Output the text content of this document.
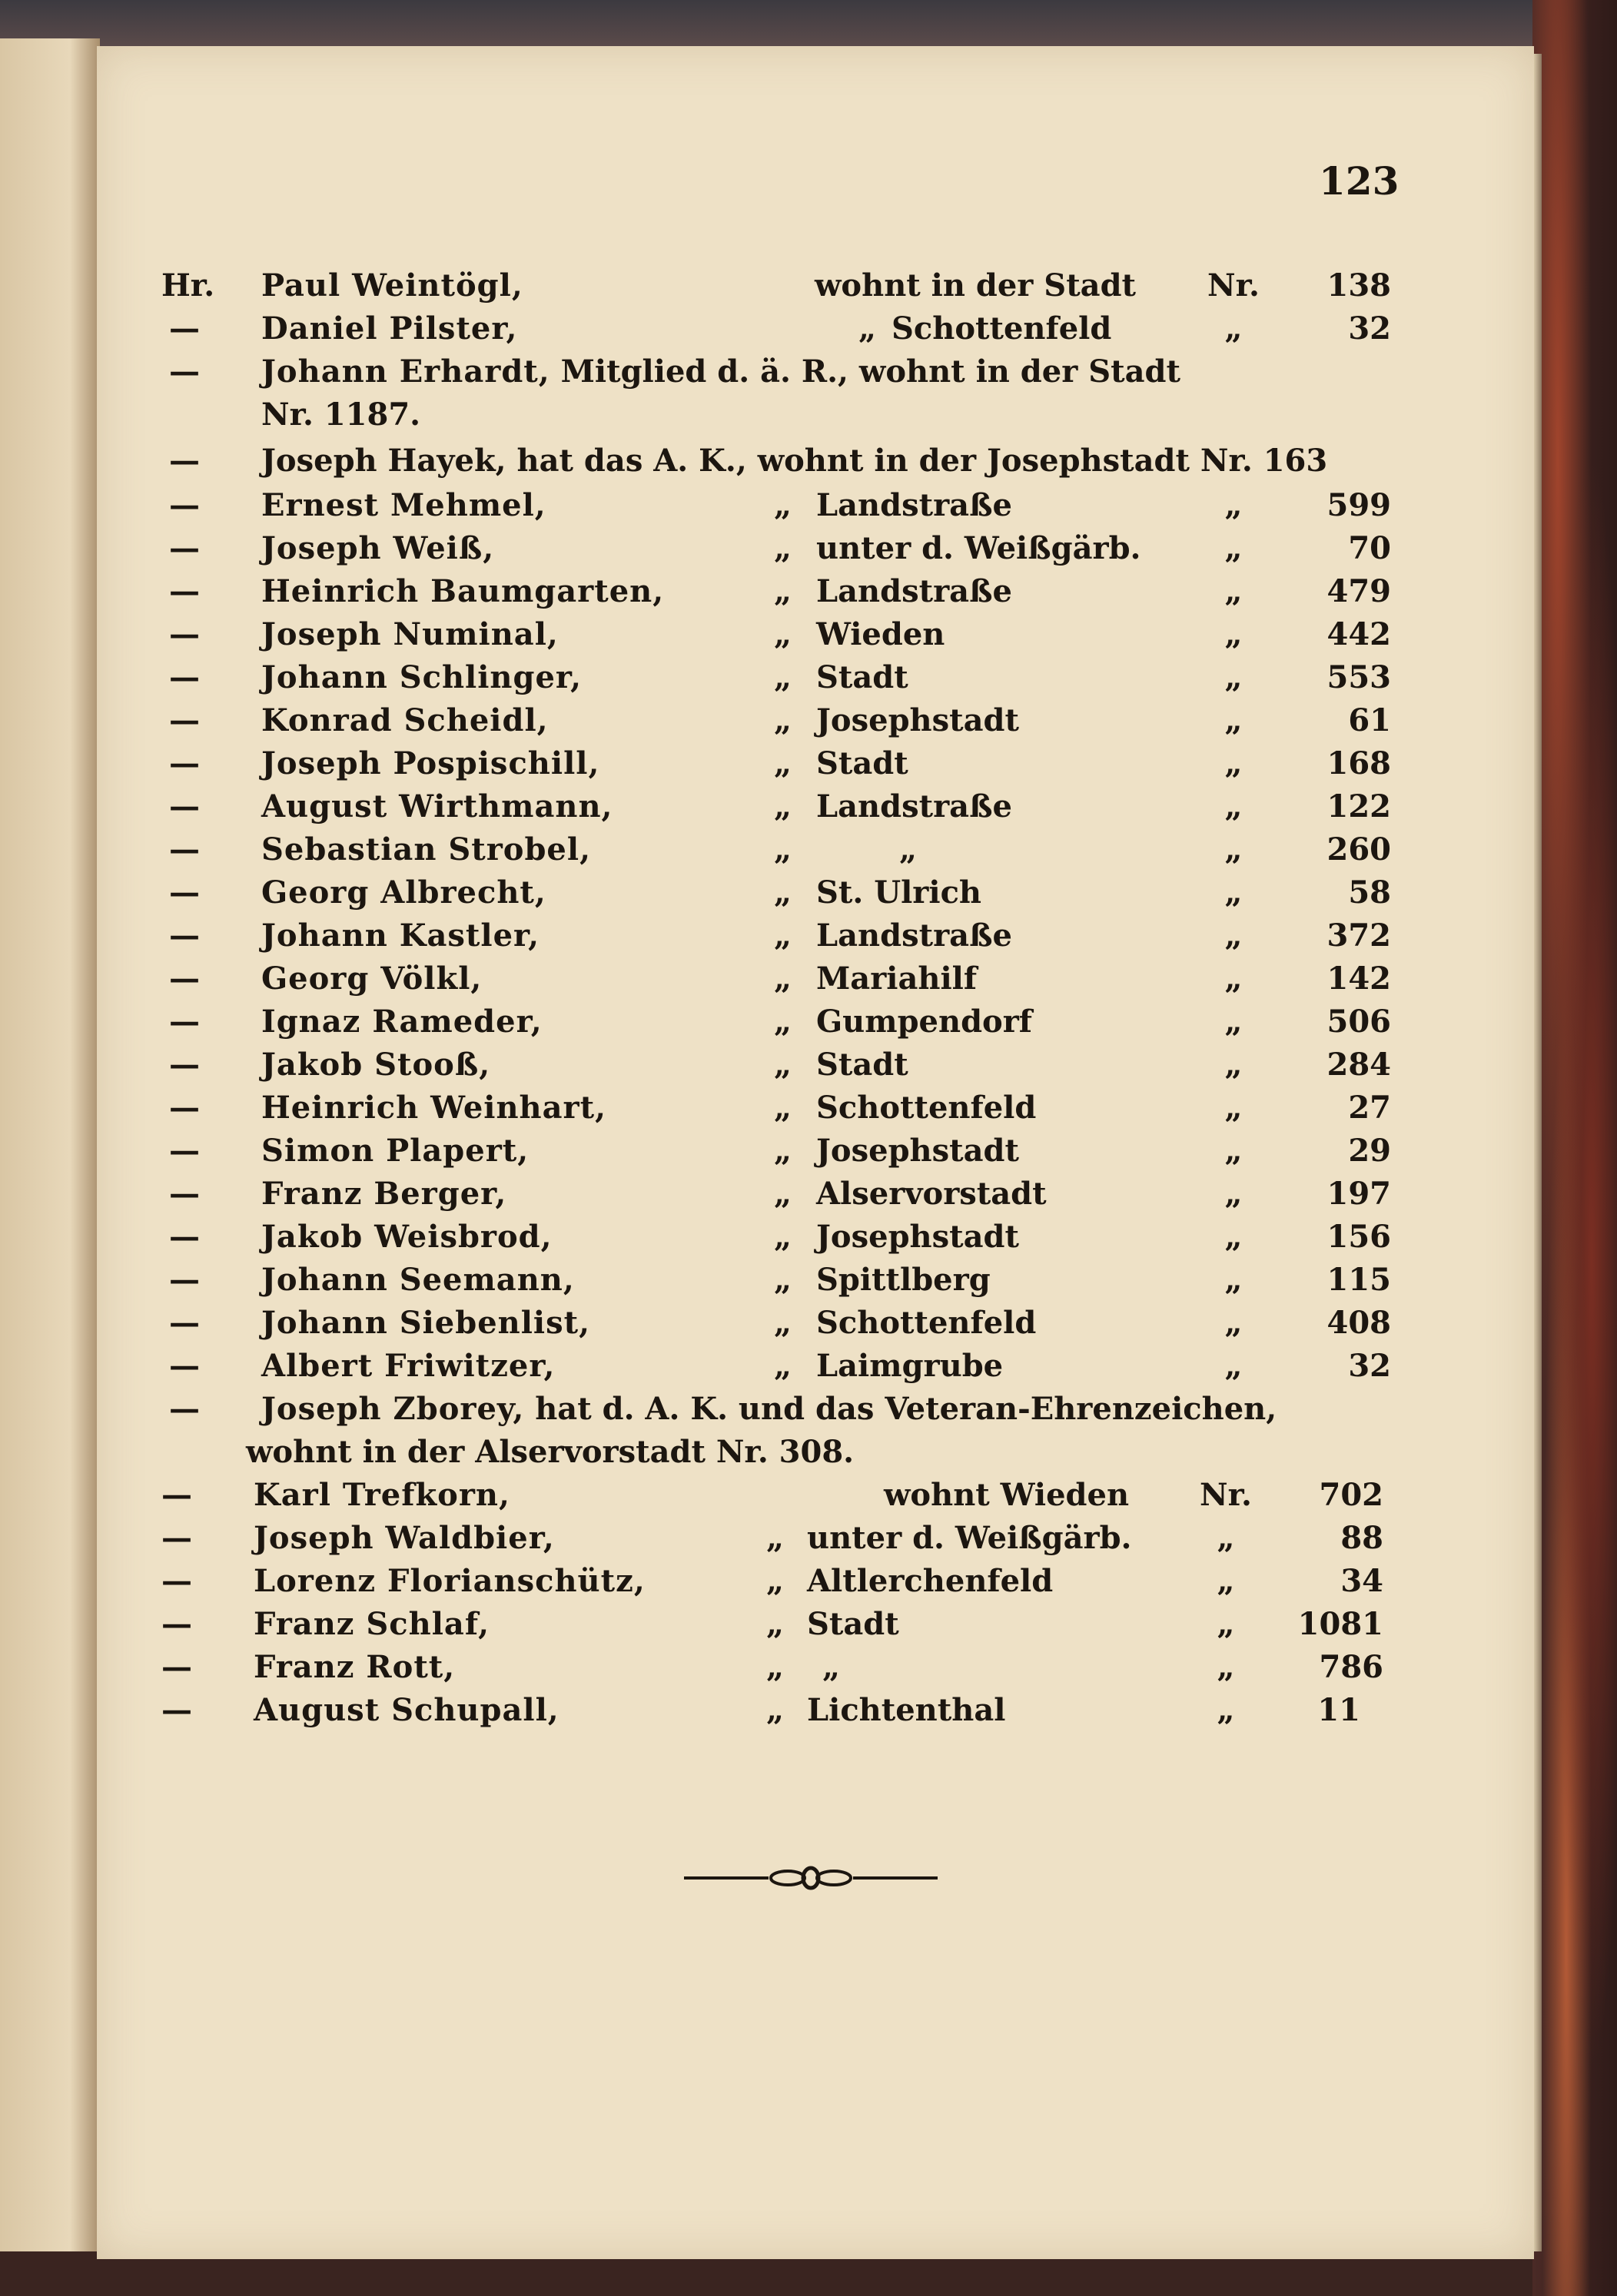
123
Hr.	Paul Weintögl,	wohnt in der Stadt	Nr.	138
—	Daniel Pilster,	„ Schottenfeld	„	32
— Johann Erhardt, Mitglied d. ä. R., wohnt in der Stadt
Nr. 1187.
— Joseph Hayek, hat das A. K., wohnt in der Josephstadt Nr. 163
—	Ernest Mehmel,	„ Landstraße	„	599
—	Joseph Weiß,	„ unter d. Weißgärb.	„	70
—	Heinrich Baumgarten,	„ Landstraße	„	479
—	Joseph Numinal,	„ Wieden	„	442
—	Johann Schlinger,	„ Stadt	„	553
—	Konrad Scheidl,	„ Josephstadt	„	61
—	Joseph Pospischill,	„ Stadt	„	168
—	August Wirthmann,	„ Landstraße	„	122
—	Sebastian Strobel,	„	„	„	260
—	Georg Albrecht,	„ St. Ulrich	„	58
—	Johann Kastler,	„ Landstraße	„	372
—	Georg Völkl,	„ Mariahilf	„	142
—	Ignaz Rameder,	„ Gumpendorf	„	506
—	Jakob Stooß,	„ Stadt	„	284
—	Heinrich Weinhart,	„ Schottenfeld	„	27
—	Simon Plapert,	„ Josephstadt	„	29
—	Franz Berger,	„ Alservorstadt	„	197
—	Jakob Weisbrod,	„ Josephstadt	„	156
—	Johann Seemann,	„ Spittlberg	„	115
—	Johann Siebenlist,	„ Schottenfeld	„	408
—	Albert Friwitzer,	„ Laimgrube	„	32
— Joseph Zborey, hat d. A. K. und das Veteran-Ehrenzeichen,
wohnt in der Alservorstadt Nr. 308.
—	Karl Trefkorn,	wohnt Wieden	Nr.	702
—	Joseph Waldbier,	„ unter d. Weißgärb.	„	88
—	Lorenz Florianschütz,	„ Altlerchenfeld	„	34
—	Franz Schlaf,	„ Stadt	„	1081
—	Franz Rott,	„ „	„	786
—	August Schupall,	„ Lichtenthal	„	11
